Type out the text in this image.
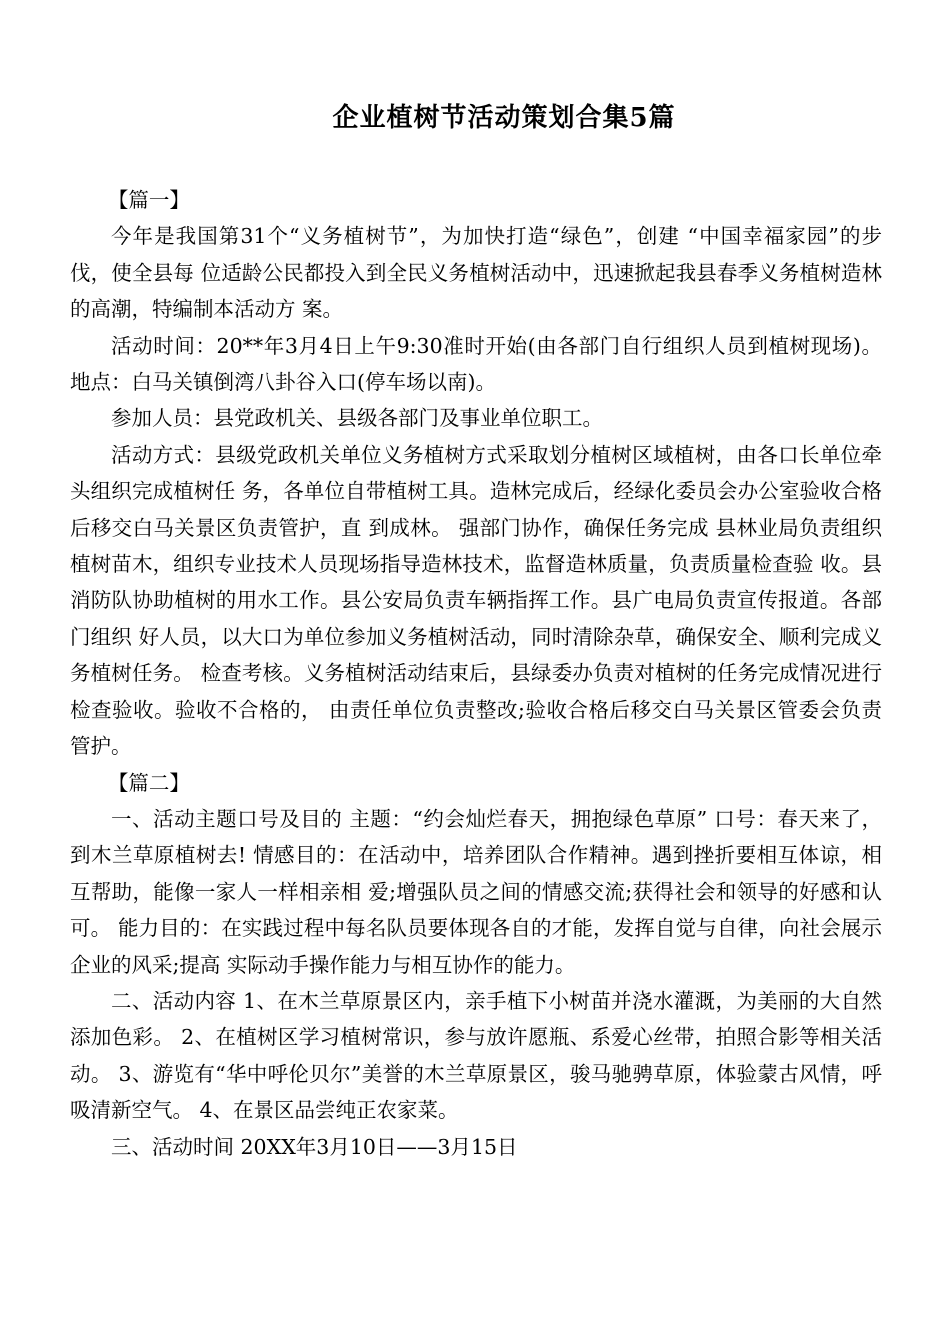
企业植树节活动策划合集5篇

【篇一】

今年是我国第31个“义务植树节”，为加快打造“绿色”，创建 “中国幸福家园”的步伐，使全县每 位适龄公民都投入到全民义务植树活动中，迅速掀起我县春季义务植树造林的高潮，特编制本活动方 案。

活动时间：20**年3月4日上午9:30准时开始(由各部门自行组织人员到植树现场)。 地点：白马关镇倒湾八卦谷入口(停车场以南)。

参加人员：县党政机关、县级各部门及事业单位职工。

活动方式：县级党政机关单位义务植树方式采取划分植树区域植树，由各口长单位牵头组织完成植树任 务，各单位自带植树工具。造林完成后，经绿化委员会办公室验收合格后移交白马关景区负责管护，直 到成林。 强部门协作，确保任务完成 县林业局负责组织植树苗木，组织专业技术人员现场指导造林技术，监督造林质量，负责质量检查验 收。县消防队协助植树的用水工作。县公安局负责车辆指挥工作。县广电局负责宣传报道。各部门组织 好人员，以大口为单位参加义务植树活动，同时清除杂草，确保安全、顺利完成义务植树任务。 检查考核。义务植树活动结束后，县绿委办负责对植树的任务完成情况进行检查验收。验收不合格的， 由责任单位负责整改;验收合格后移交白马关景区管委会负责管护。

【篇二】

一、活动主题口号及目的 主题：“约会灿烂春天，拥抱绿色草原” 口号：春天来了，到木兰草原植树去! 情感目的：在活动中，培养团队合作精神。遇到挫折要相互体谅，相互帮助，能像一家人一样相亲相 爱;增强队员之间的情感交流;获得社会和领导的好感和认可。 能力目的：在实践过程中每名队员要体现各自的才能，发挥自觉与自律，向社会展示企业的风采;提高 实际动手操作能力与相互协作的能力。

二、活动内容 1、在木兰草原景区内，亲手植下小树苗并浇水灌溉，为美丽的大自然添加色彩。 2、在植树区学习植树常识，参与放许愿瓶、系爱心丝带，拍照合影等相关活动。 3、游览有“华中呼伦贝尔”美誉的木兰草原景区，骏马驰骋草原，体验蒙古风情，呼吸清新空气。 4、在景区品尝纯正农家菜。

三、活动时间 20XX年3月10日——3月15日
